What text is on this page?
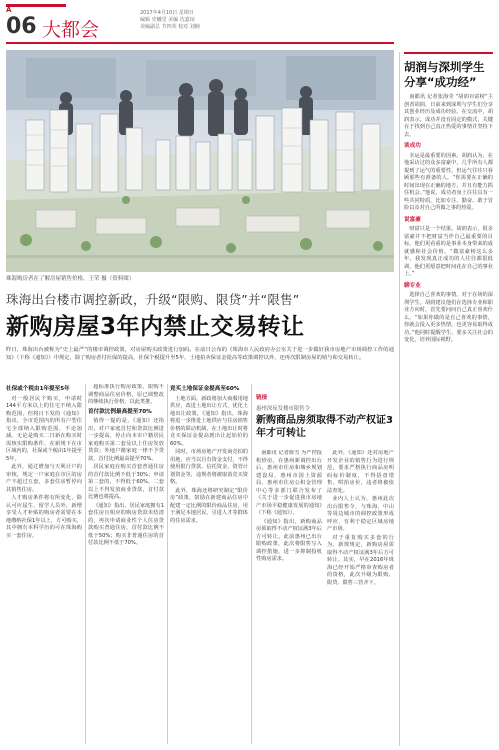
A
06 大都会
2017年4月10日 星期日
编辑 史曦堂 美编 沈嘉琼
美编副总 节四英 校对 刘楠
珠海购房者在了解房屋销售价格。王荣 摄（资料图）
珠海出台楼市调控新政，升级“限购、限贷”并“限售”
新购房屋3年内禁止交易转让
昨日，珠海出台被称为“史上最严”的楼市调控政策，对房屋购买政策进行加码。在前日公布的《珠海市人民政府办公室关于进一步做好我市房地产市场调控工作的通知》（下称《通知》）中规定，除了购房者付社保的提高，社保个税提升至5年，土地拍卖保证金提高等政策调控以外，还再次限制房屋的销与和交易转让。
社保或个税由1年提至5年

对一般居民个购买，申请时144平方米以上的住宅不纳入限购范围，但将日下发的《通知》指出，全市范围内的所有户型住宅全部纳入限购范围，不论加减。无论是购买二日新在购买时需核实限购条件，在新规下在市区域内的，社保或个税由1年提至5年。

此外，通过增加与天利计户的审核，规定一户家庭在市区的房产不超过五套，多套住房暂停向其销售住房。

人才购房条件将有所变化，除认可应届生、留学人员外，新增享受人才补贴的购房者需要在本地缴纳社保1年以上，方可购买，其中拥有本科学历的可在珠海购买一套住房。

超标准执行购房政策，限购不调整商品住房价格，原已调整改的继续执行价格，以此类推。

首付款比例最高提至70%

值得一提的是，《通知》还指出，对户家庭首付和贷款比例进一步提高，停止向本市户籍居民家庭购买第二套及以上住房发放贷款；外地户籍家庭一律不予贷款，首付比例最高提至70%。

居民家庭在购买首套普通住房的首付款比例不低于30%；申请第二套的，不得低于60%，二套以上不得发放商业贷款，首付款比例也将提高。

《通知》指出，居民家庭拥有1套住房且相应的购房贷款未结清的，再次申请商业性个人住房贷款购买普通住房，首付款比例不低于50%；购买非普通住房的首付款比例不低于70%。

竞买土地保证金提高至60%

土地方面，新政将加大商服用地供应，改进土地出让方式，优化土地出让政策，《通知》指出，珠海将进一步推进土地供应与住房销售价格的联动机制，在土地出让时将竞买保证金提高到出让起始价的60%。

同时，市场房地产开发商竞拍的用地，应当以自有资金支付，不得使用银行贷款、信托资金、资管计划资金等，违规者将被取消竞买资格。

此外，珠海还将研究制定“限价房”政策，鼓励在新建商品住房中配建一定比例的限价商品住房，用于满足本地居民、引进人才等群体的住房需求。

链接
惠州深夜发楼市限售令
新购商品房须取得不动产权证3年才可转让

南都讯 记者陈雪 为严控投机炒房，在惠州新调控出台后，惠州市住房和城乡规划建设局、惠州市国土资源局、惠州市住房公积金管理中心等多部门联合发布了《关于进一步促进我市房地产市场平稳健康发展的通知》（下称《通知》）。

《通知》指出，新购商品房须取得不动产权证满3年后方可转让。此前惠州已出台限购政策，此次将限售写入调控措施，进一步抑制投机性购房需求。

此外，《通知》还对房地产开发企业的销售行为进行规范，要求严格执行商品房明码标价制度，不得捂盘惜售、哄抬房价，违者将被依法查处。

业内人士认为，惠州此次出台限售令，与珠海、中山等周边城市的调控政策形成呼应，有利于稳定区域房地产市场。

对于重复购买多套的行为，新规规定，新购房屋需取得不动产权证满3年后方可转让。其实，早在2016年珠海已经开始严格审查购房者的资格，此次升级为限购、限贷、限售三管齐下。

胡润与深圳学生分享“成功经”

南都讯 记者张海莹 “胡润百富榜”主创者胡润，日前来到深圳与学生们分享其创业经历及成功经验。在交流中，胡润表示，成功并没有固定的模式，关键在于找到自己真正热爱的事情并坚持下去。

谈成功

幸运是最重要的因素。胡润认为，在他采访过的众多富豪中，几乎所有人都提到了运气的重要性，但运气往往只眷顾那些有准备的人。“你需要在正确的时间出现在正确的地方，并且有能力抓住机会。”他说，成功者身上往往具有一些共同特质，比如专注、勤奋、敢于冒险以及对自己所做之事的热爱。

说富豪

财富只是一个结果。胡润表示，很多富豪并不把财富当作自己最重要的目标，他们更看重的是事业本身带来的成就感和社会价值。“做富豪榜这么多年，我发现真正成功的人往往都很低调，他们更愿意把时间花在自己的事业上。”

聊专业

选择自己喜欢的事情。对于在场的深圳学生，胡润建议他们在选择专业和职业方向时，首先要问问自己真正喜欢什么。“如果你做的是自己喜欢的事情，你就会投入更多热情，也更容易取得成功。”他同时提醒学生，要多关注社会的变化，培养国际视野。
